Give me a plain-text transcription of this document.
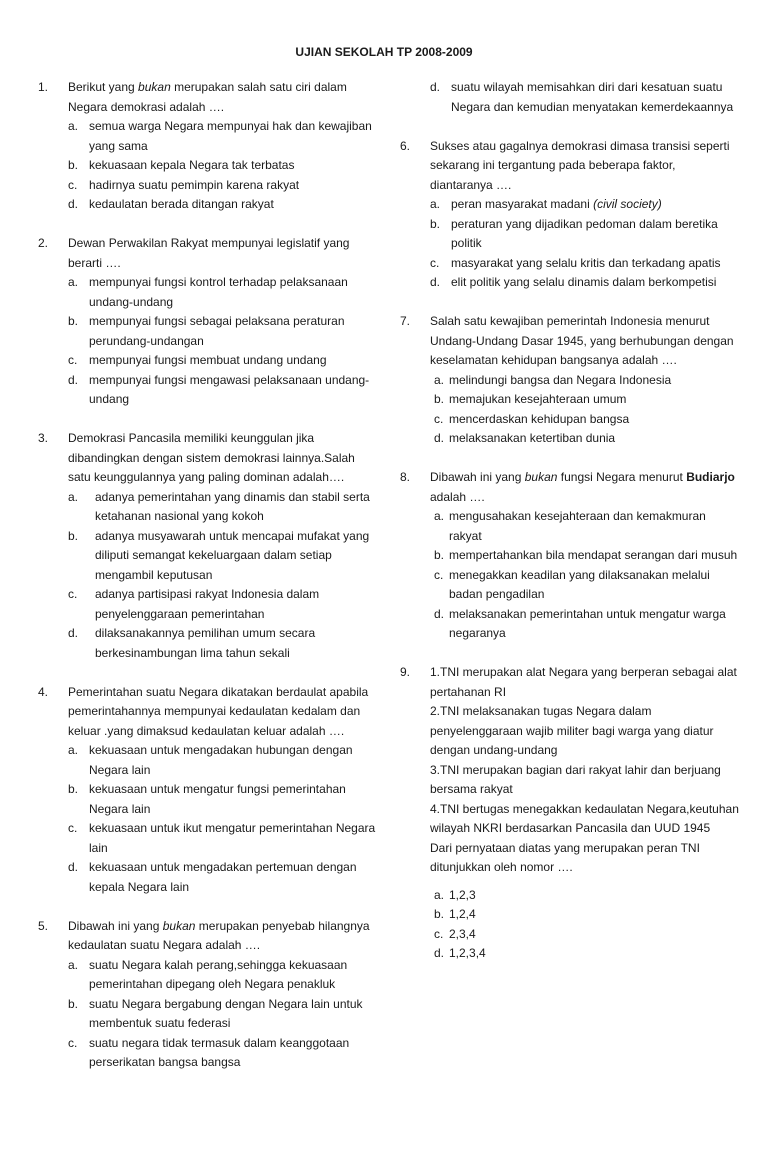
UJIAN SEKOLAH TP 2008-2009
1.	Berikut yang bukan merupakan salah satu ciri dalam Negara demokrasi adalah ….
a. semua warga Negara mempunyai hak dan kewajiban yang sama
b. kekuasaan kepala Negara tak terbatas
c. hadirnya suatu pemimpin karena rakyat
d. kedaulatan berada ditangan rakyat
2.	Dewan Perwakilan Rakyat mempunyai legislatif yang berarti ….
a. mempunyai fungsi kontrol terhadap pelaksanaan undang-undang
b. mempunyai fungsi sebagai pelaksana peraturan perundang-undangan
c. mempunyai fungsi membuat undang undang
d. mempunyai fungsi mengawasi pelaksanaan undang-undang
3.	Demokrasi Pancasila memiliki keunggulan jika dibandingkan dengan sistem demokrasi lainnya.Salah satu keunggulannya yang paling dominan adalah….
a.	adanya pemerintahan yang dinamis dan stabil serta ketahanan nasional yang kokoh
b.	adanya musyawarah untuk mencapai mufakat yang diliputi semangat kekeluargaan dalam setiap mengambil keputusan
c.	adanya partisipasi rakyat Indonesia dalam penyelenggaraan pemerintahan
d.	dilaksanakannya pemilihan umum secara berkesinambungan lima tahun sekali
4.	Pemerintahan suatu Negara dikatakan berdaulat apabila pemerintahannya mempunyai kedaulatan kedalam dan keluar .yang dimaksud kedaulatan keluar adalah ….
a. kekuasaan untuk mengadakan hubungan dengan Negara lain
b. kekuasaan untuk mengatur fungsi pemerintahan Negara lain
c. kekuasaan untuk ikut mengatur pemerintahan Negara lain
d. kekuasaan untuk mengadakan pertemuan dengan kepala Negara lain
5.	Dibawah ini yang bukan merupakan penyebab hilangnya kedaulatan suatu Negara adalah ….
a. suatu Negara kalah perang,sehingga kekuasaan pemerintahan dipegang oleh Negara penakluk
b. suatu Negara bergabung dengan Negara lain untuk membentuk suatu federasi
c. suatu negara tidak termasuk dalam keanggotaan perserikatan bangsa bangsa
d. suatu wilayah memisahkan diri dari kesatuan suatu Negara dan kemudian menyatakan kemerdekaannya
6.	Sukses atau gagalnya demokrasi dimasa transisi seperti sekarang ini tergantung pada beberapa faktor, diantaranya ….
a. peran masyarakat madani (civil society)
b. peraturan yang dijadikan pedoman dalam beretika politik
c. masyarakat yang selalu kritis dan terkadang apatis
d. elit politik yang selalu dinamis dalam berkompetisi
7.	Salah satu kewajiban pemerintah Indonesia menurut Undang-Undang Dasar 1945, yang berhubungan dengan keselamatan kehidupan bangsanya adalah ….
a. melindungi bangsa dan Negara Indonesia
b. memajukan kesejahteraan umum
c. mencerdaskan kehidupan bangsa
d. melaksanakan ketertiban dunia
8.	Dibawah ini yang bukan fungsi Negara menurut Budiarjo adalah ….
a. mengusahakan kesejahteraan dan kemakmuran rakyat
b. mempertahankan bila mendapat serangan dari musuh
c. menegakkan keadilan yang dilaksanakan melalui badan pengadilan
d. melaksanakan pemerintahan untuk mengatur warga negaranya
9.	1.TNI merupakan alat Negara yang berperan sebagai alat pertahanan RI
2.TNI melaksanakan tugas Negara dalam penyelenggaraan wajib militer bagi warga yang diatur dengan undang-undang
3.TNI merupakan bagian dari rakyat lahir dan berjuang bersama rakyat
4.TNI bertugas menegakkan kedaulatan Negara,keutuhan wilayah NKRI berdasarkan Pancasila dan UUD 1945
Dari pernyataan diatas yang merupakan peran TNI ditunjukkan oleh nomor ….
a. 1,2,3
b. 1,2,4
c. 2,3,4
d. 1,2,3,4
